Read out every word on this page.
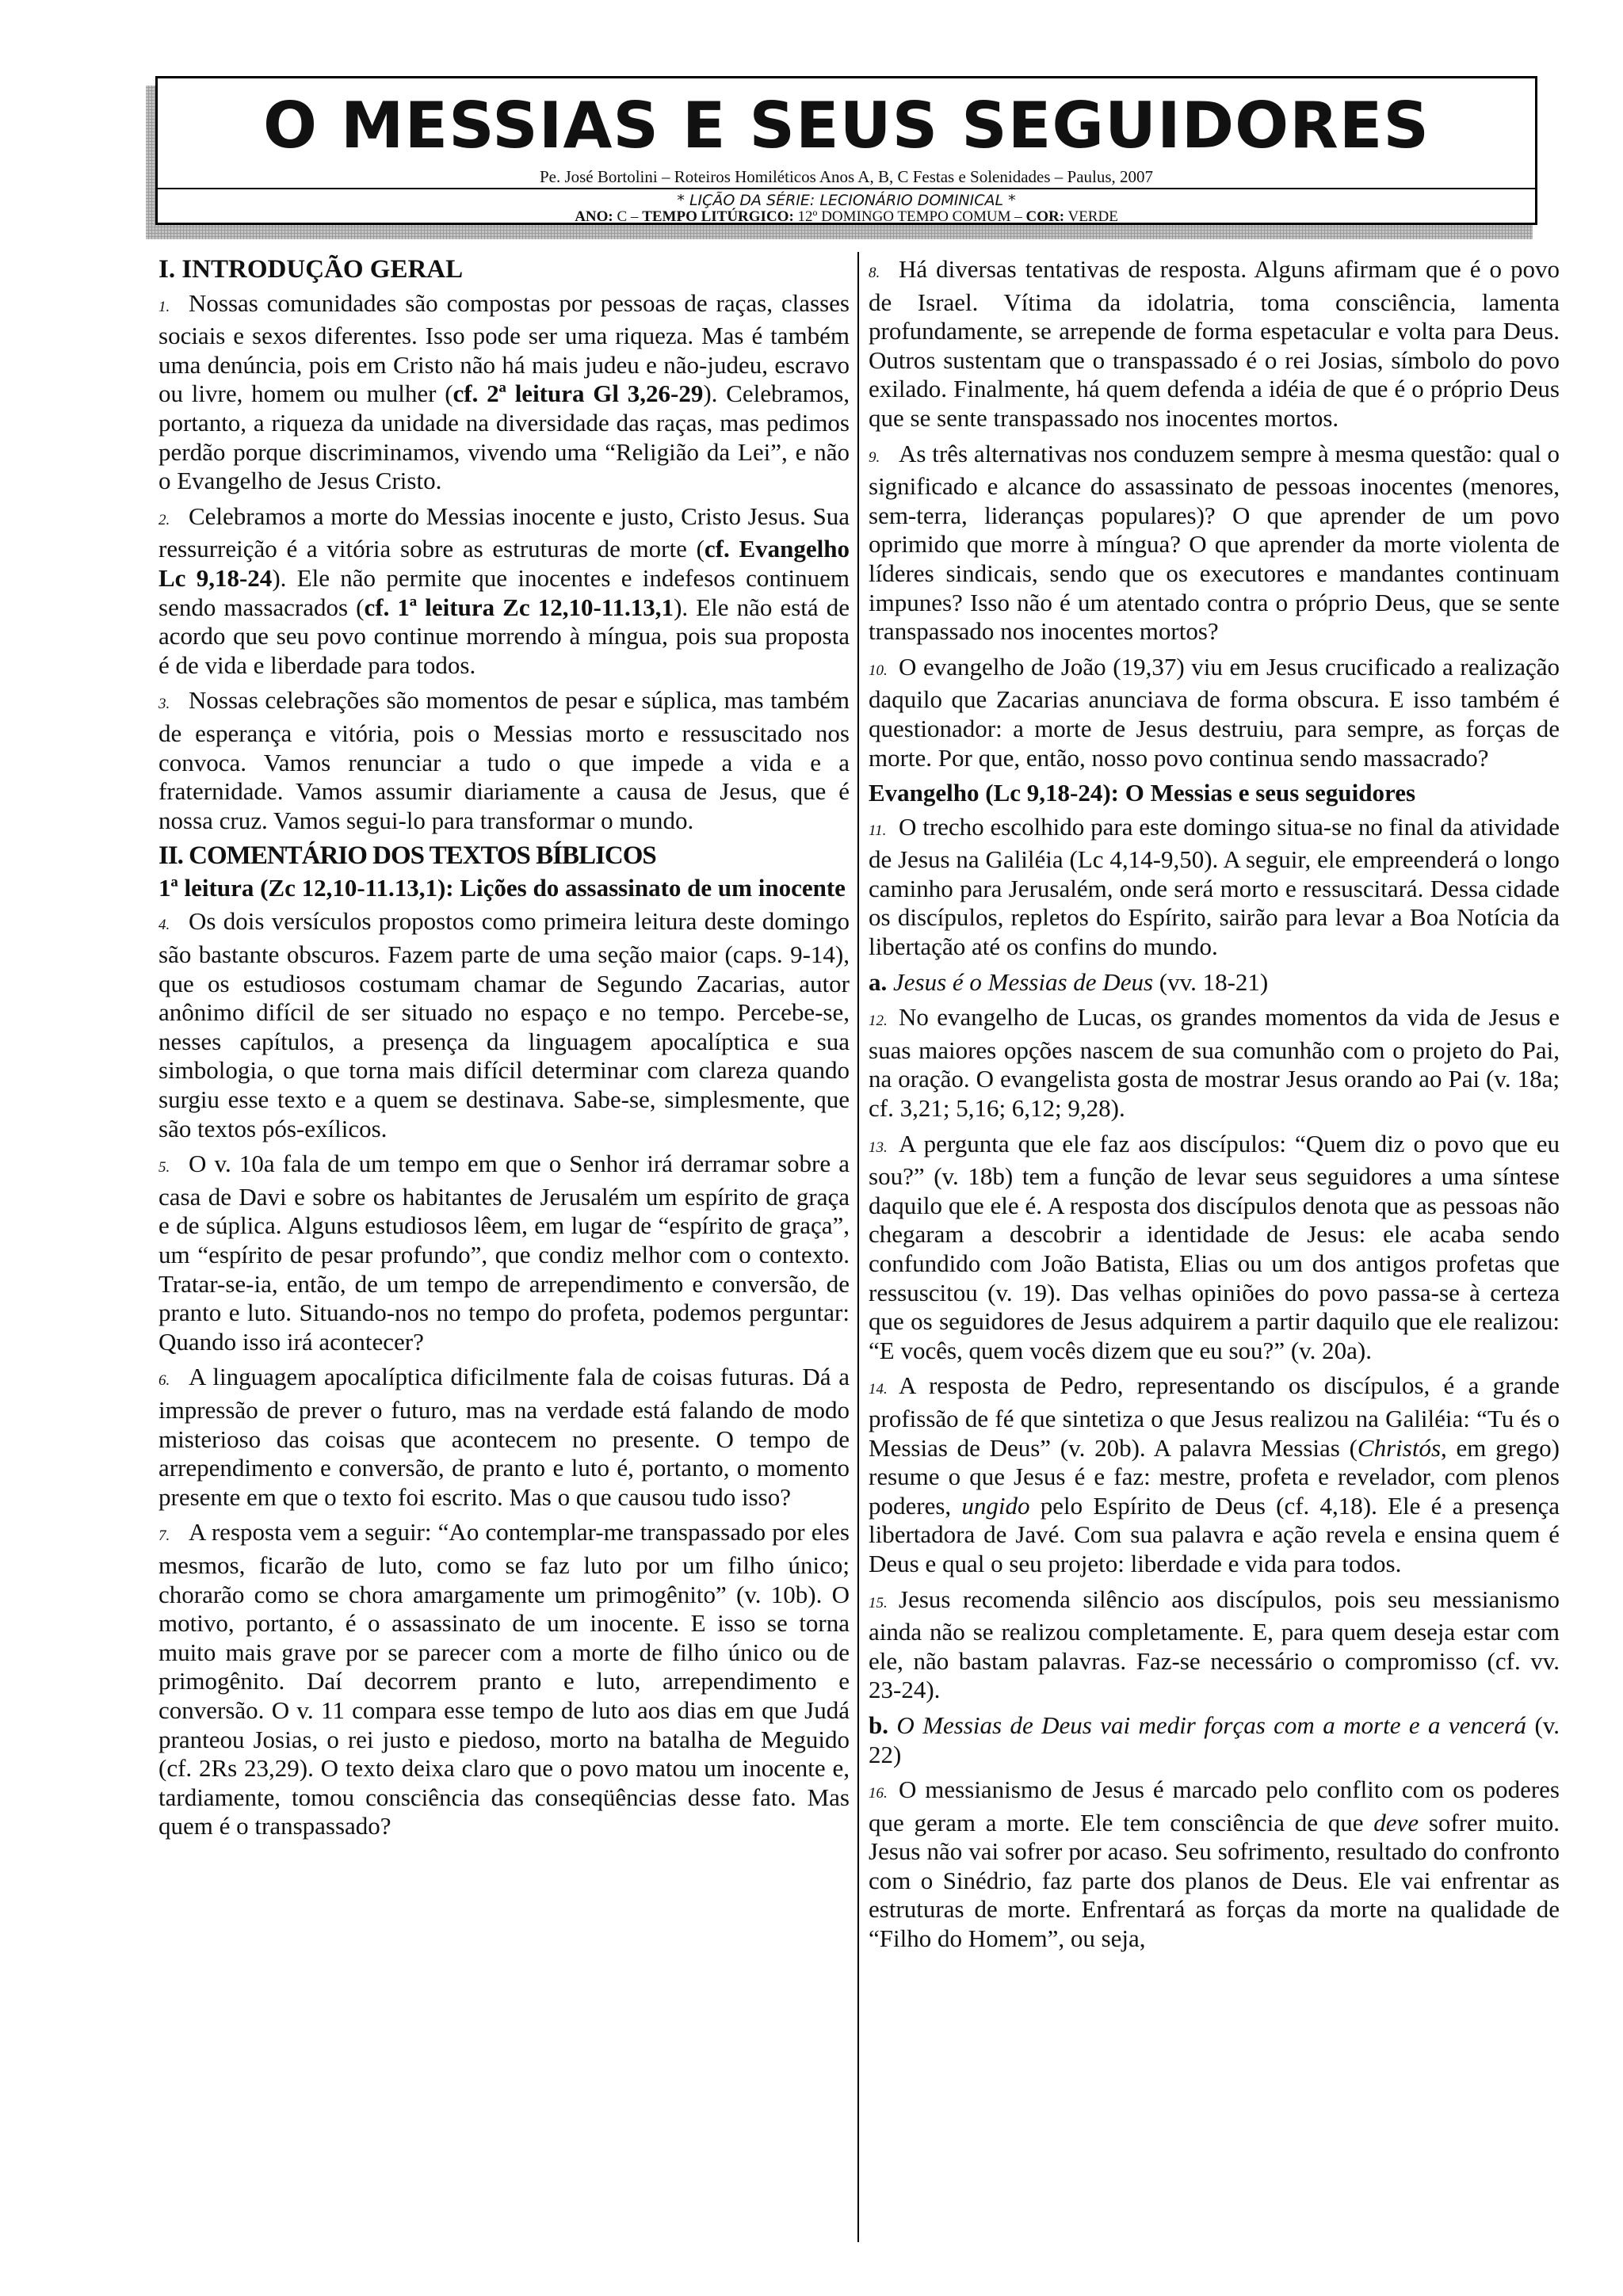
O MESSIAS E SEUS SEGUIDORES
Pe. José Bortolini – Roteiros Homiléticos Anos A, B, C Festas e Solenidades – Paulus, 2007
* LIÇÃO DA SÉRIE: LECIONÁRIO DOMINICAL *
ANO: C – TEMPO LITÚRGICO: 12º DOMINGO TEMPO COMUM – COR: VERDE
I. INTRODUÇÃO GERAL

1. Nossas comunidades são compostas por pessoas de raças, classes sociais e sexos diferentes. Isso pode ser uma riqueza. Mas é também uma denúncia, pois em Cristo não há mais judeu e não-judeu, escravo ou livre, homem ou mulher (cf. 2ª leitura Gl 3,26-29). Celebramos, portanto, a riqueza da unidade na diversidade das raças, mas pedimos perdão porque discriminamos, vivendo uma “Religião da Lei”, e não o Evangelho de Jesus Cristo.

2. Celebramos a morte do Messias inocente e justo, Cristo Jesus. Sua ressurreição é a vitória sobre as estruturas de morte (cf. Evangelho Lc 9,18-24). Ele não permite que inocentes e indefesos continuem sendo massacrados (cf. 1ª leitura Zc 12,10-11.13,1). Ele não está de acordo que seu povo continue morrendo à míngua, pois sua proposta é de vida e liberdade para todos.

3. Nossas celebrações são momentos de pesar e súplica, mas também de esperança e vitória, pois o Messias morto e ressuscitado nos convoca. Vamos renunciar a tudo o que impede a vida e a fraternidade. Vamos assumir diariamente a causa de Jesus, que é nossa cruz. Vamos segui-lo para transformar o mundo.

II. COMENTÁRIO DOS TEXTOS BÍBLICOS
1ª leitura (Zc 12,10-11.13,1): Lições do assassinato de um inocente

4. Os dois versículos propostos como primeira leitura deste domingo são bastante obscuros. Fazem parte de uma seção maior (caps. 9-14), que os estudiosos costumam chamar de Segundo Zacarias, autor anônimo difícil de ser situado no espaço e no tempo. Percebe-se, nesses capítulos, a presença da linguagem apocalíptica e sua simbologia, o que torna mais difícil determinar com clareza quando surgiu esse texto e a quem se destinava. Sabe-se, simplesmente, que são textos pós-exílicos.

5. O v. 10a fala de um tempo em que o Senhor irá derramar sobre a casa de Davi e sobre os habitantes de Jerusalém um espírito de graça e de súplica. Alguns estudiosos lêem, em lugar de “espírito de graça”, um “espírito de pesar profundo”, que condiz melhor com o contexto. Tratar-se-ia, então, de um tempo de arrependimento e conversão, de pranto e luto. Situando-nos no tempo do profeta, podemos perguntar: Quando isso irá acontecer?

6. A linguagem apocalíptica dificilmente fala de coisas futuras. Dá a impressão de prever o futuro, mas na verdade está falando de modo misterioso das coisas que acontecem no presente. O tempo de arrependimento e conversão, de pranto e luto é, portanto, o momento presente em que o texto foi escrito. Mas o que causou tudo isso?

7. A resposta vem a seguir: “Ao contemplar-me transpassado por eles mesmos, ficarão de luto, como se faz luto por um filho único; chorarão como se chora amargamente um primogênito” (v. 10b). O motivo, portanto, é o assassinato de um inocente. E isso se torna muito mais grave por se parecer com a morte de filho único ou de primogênito. Daí decorrem pranto e luto, arrependimento e conversão. O v. 11 compara esse tempo de luto aos dias em que Judá pranteou Josias, o rei justo e piedoso, morto na batalha de Meguido (cf. 2Rs 23,29). O texto deixa claro que o povo matou um inocente e, tardiamente, tomou consciência das conseqüências desse fato. Mas quem é o transpassado?

8. Há diversas tentativas de resposta. Alguns afirmam que é o povo de Israel. Vítima da idolatria, toma consciência, lamenta profundamente, se arrepende de forma espetacular e volta para Deus. Outros sustentam que o transpassado é o rei Josias, símbolo do povo exilado. Finalmente, há quem defenda a idéia de que é o próprio Deus que se sente transpassado nos inocentes mortos.

9. As três alternativas nos conduzem sempre à mesma questão: qual o significado e alcance do assassinato de pessoas inocentes (menores, sem-terra, lideranças populares)? O que aprender de um povo oprimido que morre à míngua? O que aprender da morte violenta de líderes sindicais, sendo que os executores e mandantes continuam impunes? Isso não é um atentado contra o próprio Deus, que se sente transpassado nos inocentes mortos?

10. O evangelho de João (19,37) viu em Jesus crucificado a realização daquilo que Zacarias anunciava de forma obscura. E isso também é questionador: a morte de Jesus destruiu, para sempre, as forças de morte. Por que, então, nosso povo continua sendo massacrado?

Evangelho (Lc 9,18-24): O Messias e seus seguidores

11. O trecho escolhido para este domingo situa-se no final da atividade de Jesus na Galiléia (Lc 4,14-9,50). A seguir, ele empreenderá o longo caminho para Jerusalém, onde será morto e ressuscitará. Dessa cidade os discípulos, repletos do Espírito, sairão para levar a Boa Notícia da libertação até os confins do mundo.

a. Jesus é o Messias de Deus (vv. 18-21)

12. No evangelho de Lucas, os grandes momentos da vida de Jesus e suas maiores opções nascem de sua comunhão com o projeto do Pai, na oração. O evangelista gosta de mostrar Jesus orando ao Pai (v. 18a; cf. 3,21; 5,16; 6,12; 9,28).

13. A pergunta que ele faz aos discípulos: “Quem diz o povo que eu sou?” (v. 18b) tem a função de levar seus seguidores a uma síntese daquilo que ele é. A resposta dos discípulos denota que as pessoas não chegaram a descobrir a identidade de Jesus: ele acaba sendo confundido com João Batista, Elias ou um dos antigos profetas que ressuscitou (v. 19). Das velhas opiniões do povo passa-se à certeza que os seguidores de Jesus adquirem a partir daquilo que ele realizou: “E vocês, quem vocês dizem que eu sou?” (v. 20a).

14. A resposta de Pedro, representando os discípulos, é a grande profissão de fé que sintetiza o que Jesus realizou na Galiléia: “Tu és o Messias de Deus” (v. 20b). A palavra Messias (Christós, em grego) resume o que Jesus é e faz: mestre, profeta e revelador, com plenos poderes, ungido pelo Espírito de Deus (cf. 4,18). Ele é a presença libertadora de Javé. Com sua palavra e ação revela e ensina quem é Deus e qual o seu projeto: liberdade e vida para todos.

15. Jesus recomenda silêncio aos discípulos, pois seu messianismo ainda não se realizou completamente. E, para quem deseja estar com ele, não bastam palavras. Faz-se necessário o compromisso (cf. vv. 23-24).

b. O Messias de Deus vai medir forças com a morte e a vencerá (v. 22)

16. O messianismo de Jesus é marcado pelo conflito com os poderes que geram a morte. Ele tem consciência de que deve sofrer muito. Jesus não vai sofrer por acaso. Seu sofrimento, resultado do confronto com o Sinédrio, faz parte dos planos de Deus. Ele vai enfrentar as estruturas de morte. Enfrentará as forças da morte na qualidade de “Filho do Homem”, ou seja,
